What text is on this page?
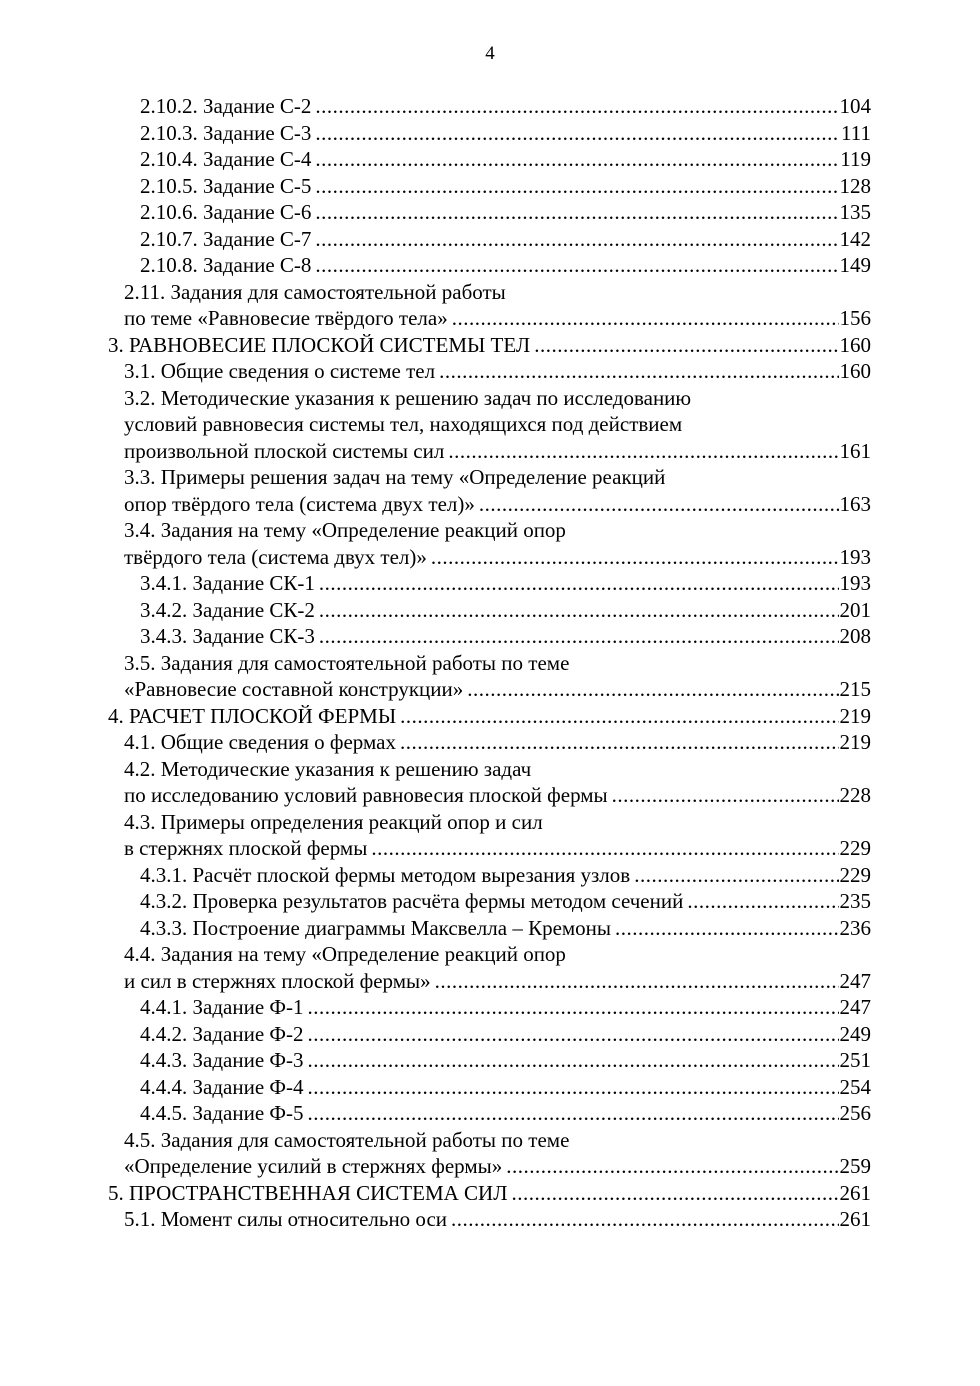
4
2.10.2. Задание С-2 .....	104
2.10.3. Задание С-3 .....	111
2.10.4. Задание С-4 .....	119
2.10.5. Задание С-5 .....	128
2.10.6. Задание С-6 .....	135
2.10.7. Задание С-7 .....	142
2.10.8. Задание С-8 .....	149
2.11. Задания для самостоятельной работы
по теме «Равновесие твёрдого тела» .....	156
3. РАВНОВЕСИЕ ПЛОСКОЙ СИСТЕМЫ ТЕЛ .....	160
3.1. Общие сведения о системе тел .....	160
3.2. Методические указания к решению задач по исследованию
условий равновесия системы тел, находящихся под действием
произвольной плоской системы сил .....	161
3.3. Примеры решения задач на тему «Определение реакций
опор твёрдого тела (система двух тел)» .....	163
3.4. Задания на тему «Определение реакций опор
твёрдого тела (система двух тел)» .....	193
3.4.1. Задание СК-1 .....	193
3.4.2. Задание СК-2 .....	201
3.4.3. Задание СК-3 .....	208
3.5. Задания для самостоятельной работы по теме
«Равновесие составной конструкции» .....	215
4. РАСЧЕТ ПЛОСКОЙ ФЕРМЫ .....	219
4.1. Общие сведения о фермах .....	219
4.2. Методические указания к решению задач
по исследованию условий равновесия плоской фермы .....	228
4.3. Примеры определения реакций опор и сил
в стержнях плоской фермы .....	229
4.3.1. Расчёт плоской фермы методом вырезания узлов .....	229
4.3.2. Проверка результатов расчёта фермы методом сечений .....	235
4.3.3. Построение диаграммы Максвелла – Кремоны .....	236
4.4. Задания на тему «Определение реакций опор
и сил в стержнях плоской фермы» .....	247
4.4.1. Задание Ф-1 .....	247
4.4.2. Задание Ф-2 .....	249
4.4.3. Задание Ф-3 .....	251
4.4.4. Задание Ф-4 .....	254
4.4.5. Задание Ф-5 .....	256
4.5. Задания для самостоятельной работы по теме
«Определение усилий в стержнях фермы» .....	259
5. ПРОСТРАНСТВЕННАЯ СИСТЕМА СИЛ .....	261
5.1. Момент силы относительно оси .....	261
